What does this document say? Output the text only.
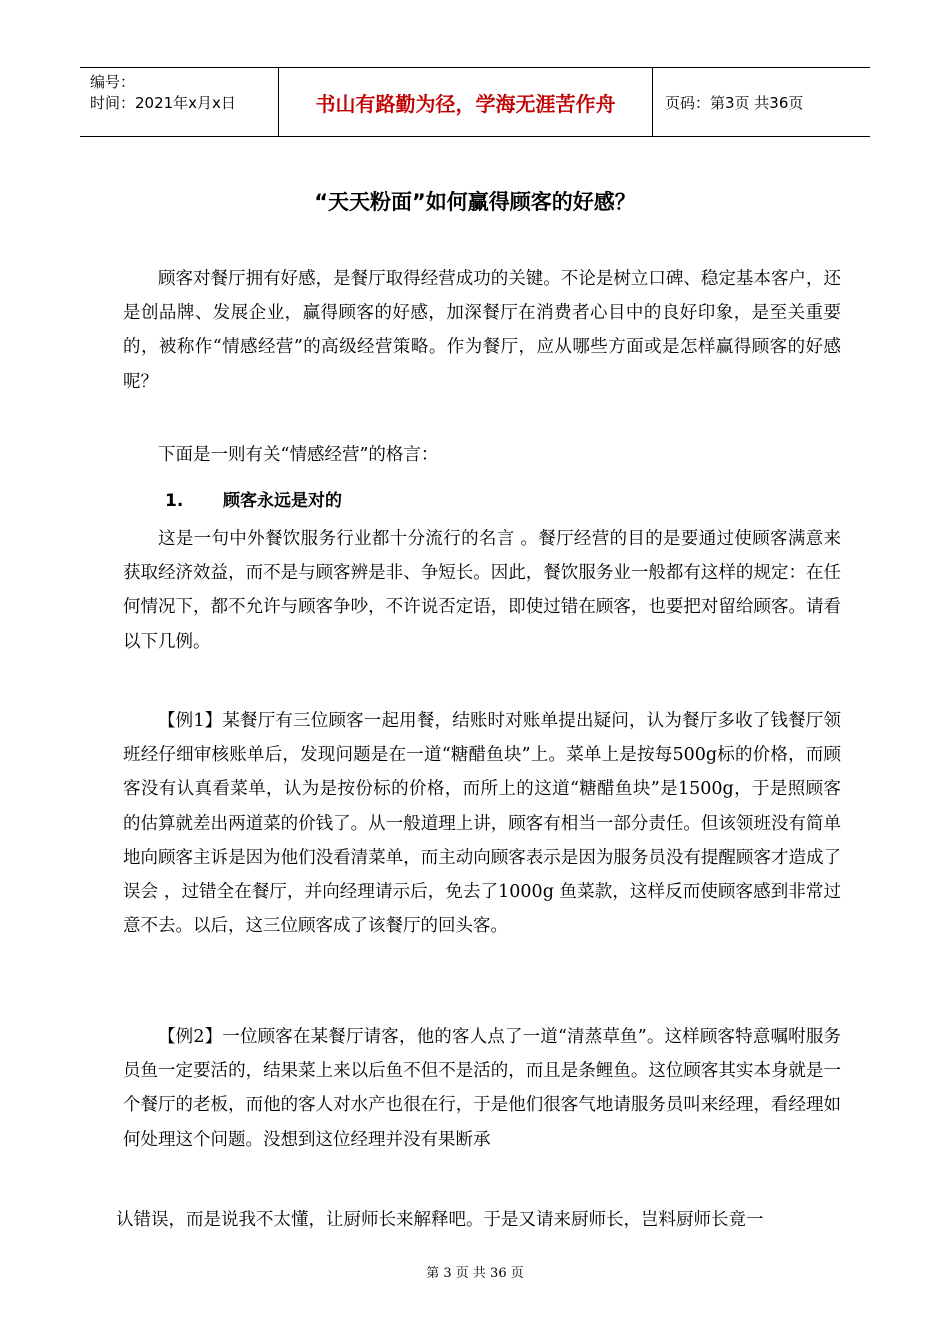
编号：
时间：2021年x月x日	书山有路勤为径，学海无涯苦作舟	页码：第3页 共36页
“天天粉面”如何赢得顾客的好感？

顾客对餐厅拥有好感，是餐厅取得经营成功的关键。不论是树立口碑、稳定基本客户，还是创品牌、发展企业，赢得顾客的好感，加深餐厅在消费者心目中的良好印象，是至关重要的，被称作“情感经营”的高级经营策略。作为餐厅，应从哪些方面或是怎样赢得顾客的好感呢？

下面是一则有关“情感经营”的格言：

1. 顾客永远是对的

这是一句中外餐饮服务行业都十分流行的名言 。餐厅经营的目的是要通过使顾客满意来获取经济效益，而不是与顾客辨是非、争短长。因此，餐饮服务业一般都有这样的规定：在任何情况下，都不允许与顾客争吵，不许说否定语，即使过错在顾客，也要把对留给顾客。请看以下几例。

【例1】某餐厅有三位顾客一起用餐，结账时对账单提出疑问，认为餐厅多收了钱餐厅领班经仔细审核账单后，发现问题是在一道“糖醋鱼块”上。菜单上是按每500g标的价格，而顾客没有认真看菜单，认为是按份标的价格，而所上的这道“糖醋鱼块”是1500g，于是照顾客的估算就差出两道菜的价钱了。从一般道理上讲，顾客有相当一部分责任。但该领班没有简单地向顾客主诉是因为他们没看清菜单，而主动向顾客表示是因为服务员没有提醒顾客才造成了误会 ，过错全在餐厅，并向经理请示后，免去了1000g 鱼菜款，这样反而使顾客感到非常过意不去。以后，这三位顾客成了该餐厅的回头客。

【例2】一位顾客在某餐厅请客，他的客人点了一道“清蒸草鱼”。这样顾客特意嘱咐服务员鱼一定要活的，结果菜上来以后鱼不但不是活的，而且是条鲤鱼。这位顾客其实本身就是一个餐厅的老板，而他的客人对水产也很在行，于是他们很客气地请服务员叫来经理，看经理如何处理这个问题。没想到这位经理并没有果断承

认错误，而是说我不太懂，让厨师长来解释吧。于是又请来厨师长，岂料厨师长竟一

第 3 页 共 36 页
